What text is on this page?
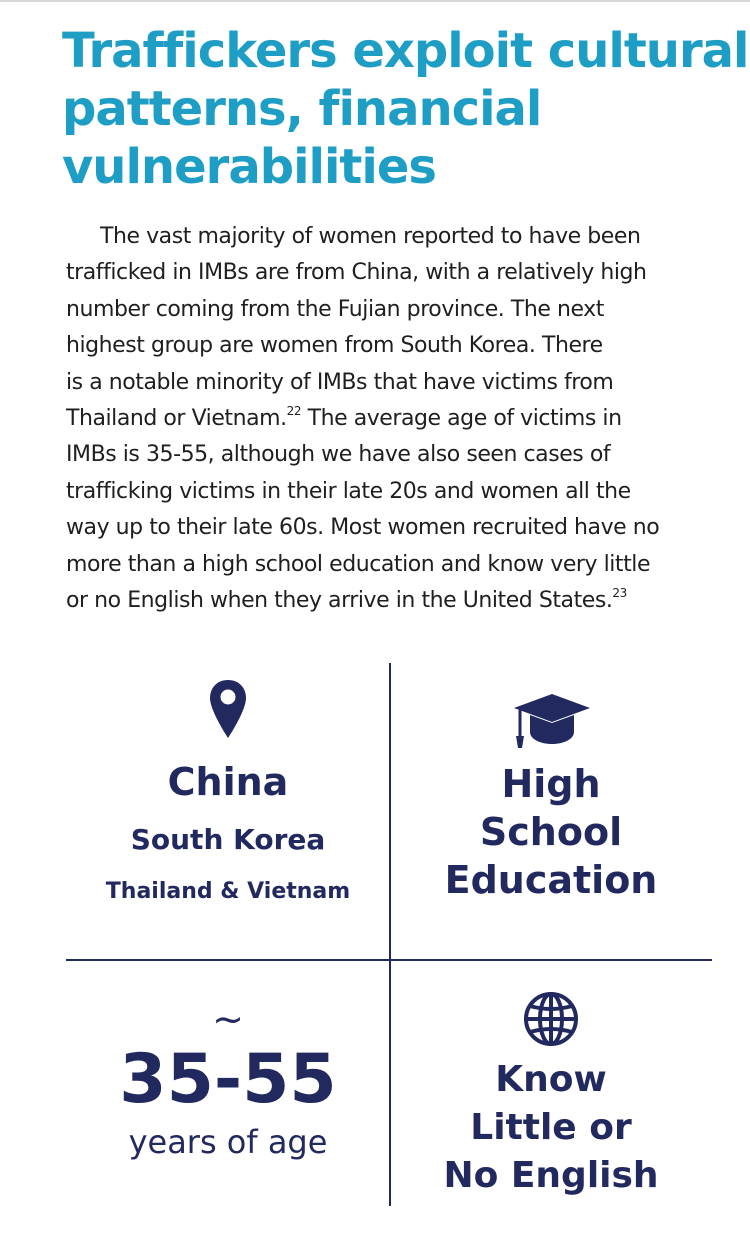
Traffickers exploit cultural
patterns, financial
vulnerabilities
The vast majority of women reported to have been
trafficked in IMBs are from China, with a relatively high
number coming from the Fujian province. The next
highest group are women from South Korea. There
is a notable minority of IMBs that have victims from
Thailand or Vietnam.$^{22}$ The average age of victims in
IMBs is 35-55, although we have also seen cases of
trafficking victims in their late 20s and women all the
way up to their late 60s. Most women recruited have no
more than a high school education and know very little
or no English when they arrive in the United States.$^{23}$
China
South Korea
Thailand & Vietnam
High
School
Education
~
35-55
years of age
Know
Little or
No English
